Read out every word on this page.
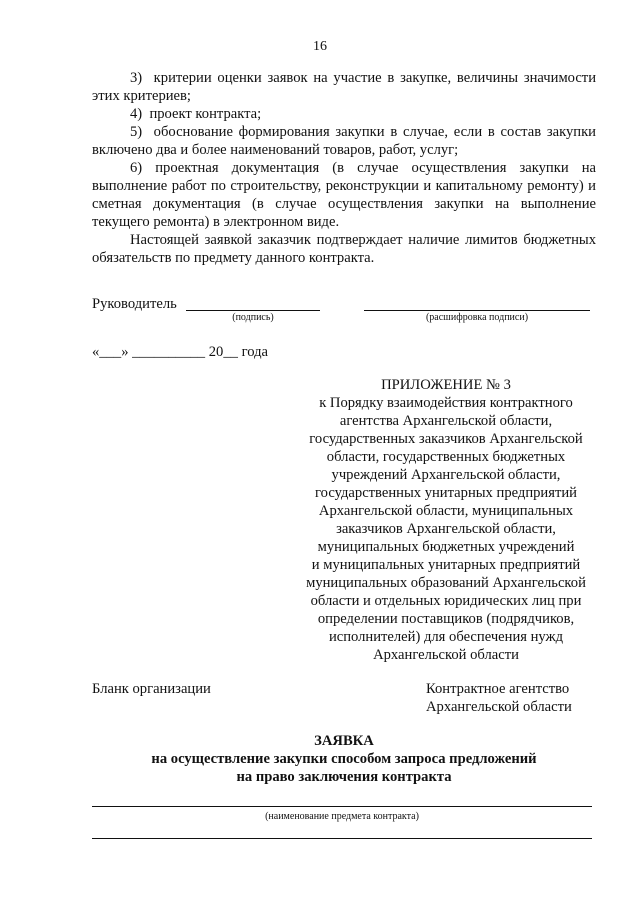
16

3)  критерии оценки заявок на участие в закупке, величины значимости этих критериев;

4)  проект контракта;

5)  обоснование формирования закупки в случае, если в состав закупки включено два и более наименований товаров, работ, услуг;

6) проектная документация (в случае осуществления закупки на выполнение работ по строительству, реконструкции и капитальному ремонту) и сметная документация (в случае осуществления закупки на выполнение текущего ремонта) в электронном виде.

Настоящей заявкой заказчик подтверждает наличие лимитов бюджетных обязательств по предмету данного контракта.

Руководитель
(подпись)	(расшифровка подписи)
«___» __________ 20__ года
ПРИЛОЖЕНИЕ № 3
к Порядку взаимодействия контрактного
агентства Архангельской области,
государственных заказчиков Архангельской
области, государственных бюджетных
учреждений Архангельской области,
государственных унитарных предприятий
Архангельской области, муниципальных
заказчиков Архангельской области,
муниципальных бюджетных учреждений
и муниципальных унитарных предприятий
муниципальных образований Архангельской
области и отдельных юридических лиц при
определении поставщиков (подрядчиков,
исполнителей) для обеспечения нужд
Архангельской области
Бланк организации	Контрактное агентство
Архангельской области
ЗАЯВКА
на осуществление закупки способом запроса предложений
на право заключения контракта
(наименование предмета контракта)
